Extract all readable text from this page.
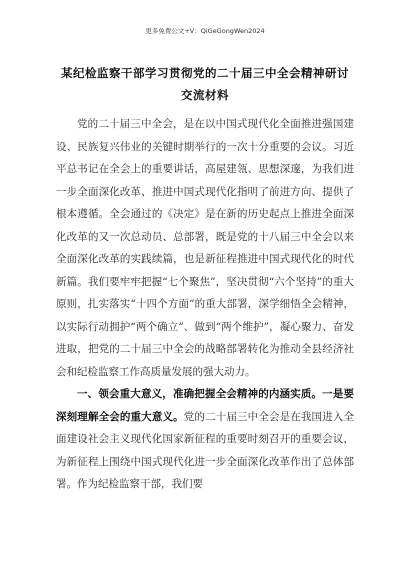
更多免费公文+V：QiGeGongWen2024
某纪检监察干部学习贯彻党的二十届三中全会精神研讨交流材料

党的二十届三中全会，是在以中国式现代化全面推进强国建设、民族复兴伟业的关键时期举行的一次十分重要的会议。习近平总书记在全会上的重要讲话，高屋建瓴、思想深邃，为我们进一步全面深化改革、推进中国式现代化指明了前进方向、提供了根本遵循。全会通过的《决定》是在新的历史起点上推进全面深化改革的又一次总动员、总部署，既是党的十八届三中全会以来全面深化改革的实践续篇，也是新征程推进中国式现代化的时代新篇。我们要牢牢把握“七个聚焦”，坚决贯彻“六个坚持”的重大原则，扎实落实“十四个方面”的重大部署，深学细悟全会精神，以实际行动拥护“两个确立”、做到“两个维护”，凝心聚力、奋发进取，把党的二十届三中全会的战略部署转化为推动全县经济社会和纪检监察工作高质量发展的强大动力。

一、领会重大意义，准确把握全会精神的内涵实质。一是要深刻理解全会的重大意义。党的二十届三中全会是在我国进入全面建设社会主义现代化国家新征程的重要时刻召开的重要会议，为新征程上围绕中国式现代化进一步全面深化改革作出了总体部署。作为纪检监察干部，我们要
